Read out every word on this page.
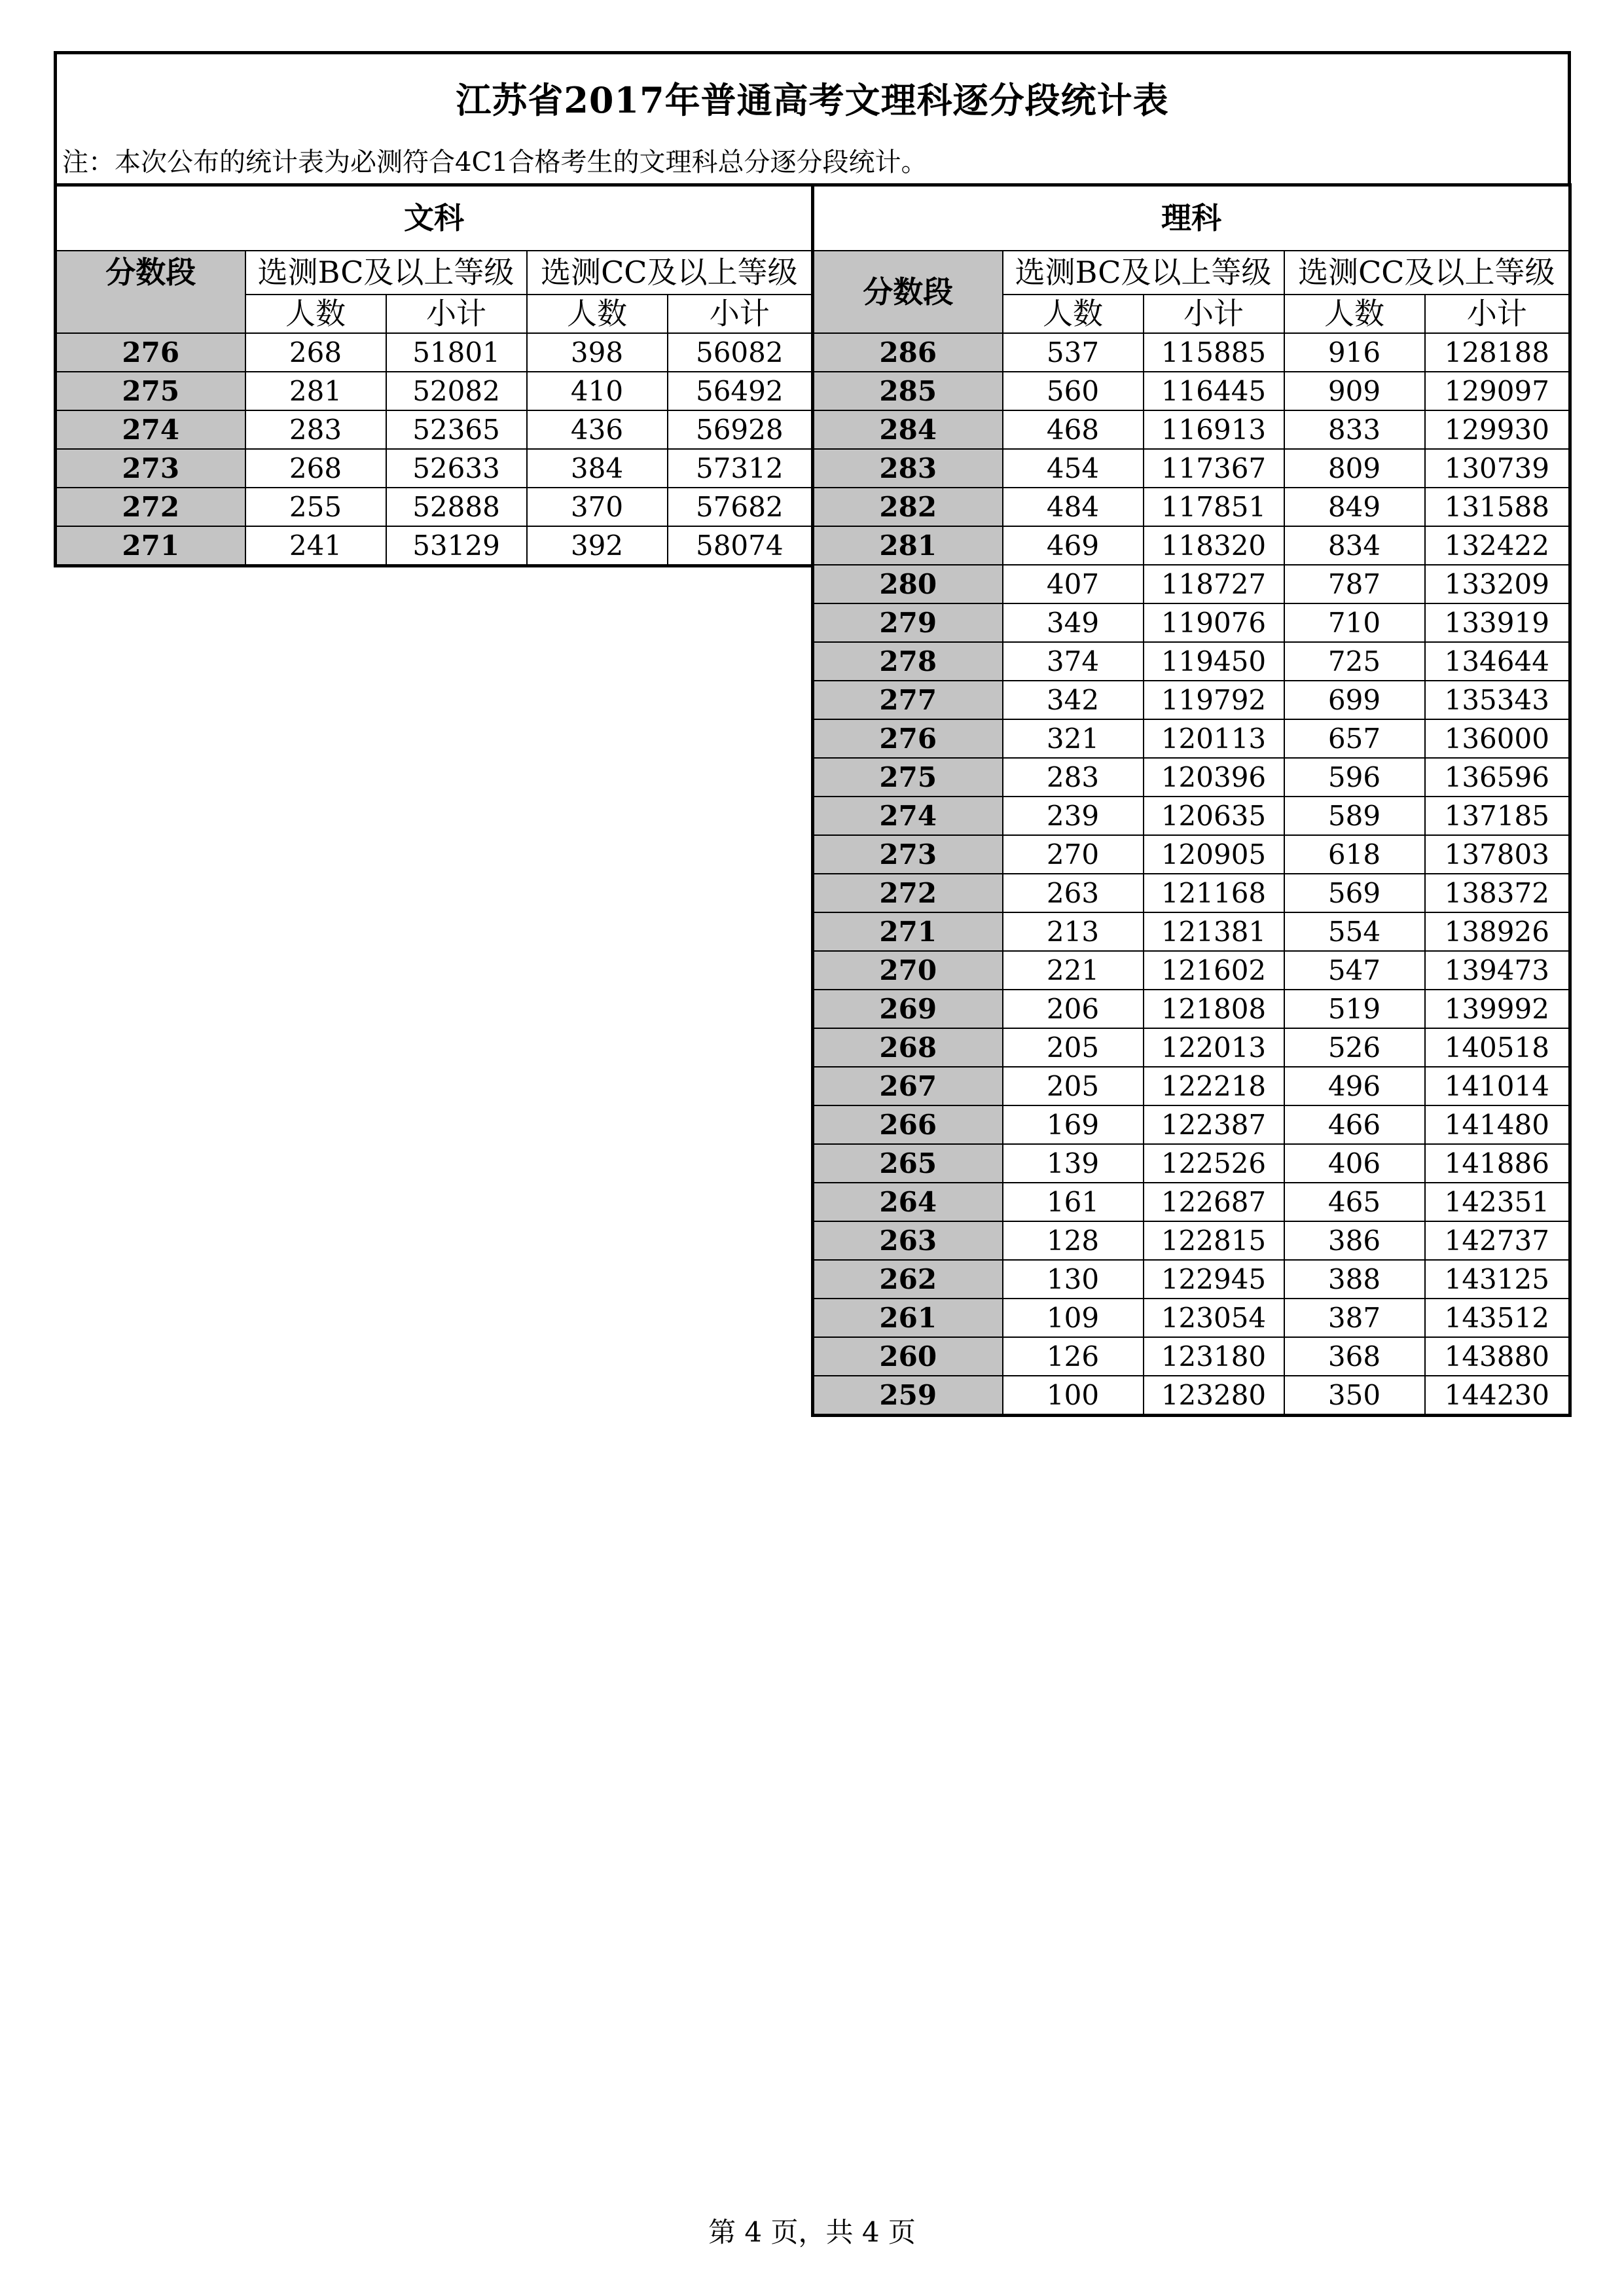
江苏省2017年普通高考文理科逐分段统计表
注：本次公布的统计表为必测符合4C1合格考生的文理科总分逐分段统计。
文科				
分数段	选测BC及以上等级		选测CC及以上等级	
	人数	小计	人数	小计
276	268	51801	398	56082
275	281	52082	410	56492
274	283	52365	436	56928
273	268	52633	384	57312
272	255	52888	370	57682
271	241	53129	392	58074
理科				
分数段	选测BC及以上等级		选测CC及以上等级	
	人数	小计	人数	小计
286	537	115885	916	128188
285	560	116445	909	129097
284	468	116913	833	129930
283	454	117367	809	130739
282	484	117851	849	131588
281	469	118320	834	132422
280	407	118727	787	133209
279	349	119076	710	133919
278	374	119450	725	134644
277	342	119792	699	135343
276	321	120113	657	136000
275	283	120396	596	136596
274	239	120635	589	137185
273	270	120905	618	137803
272	263	121168	569	138372
271	213	121381	554	138926
270	221	121602	547	139473
269	206	121808	519	139992
268	205	122013	526	140518
267	205	122218	496	141014
266	169	122387	466	141480
265	139	122526	406	141886
264	161	122687	465	142351
263	128	122815	386	142737
262	130	122945	388	143125
261	109	123054	387	143512
260	126	123180	368	143880
259	100	123280	350	144230
第 4 页，共 4 页
